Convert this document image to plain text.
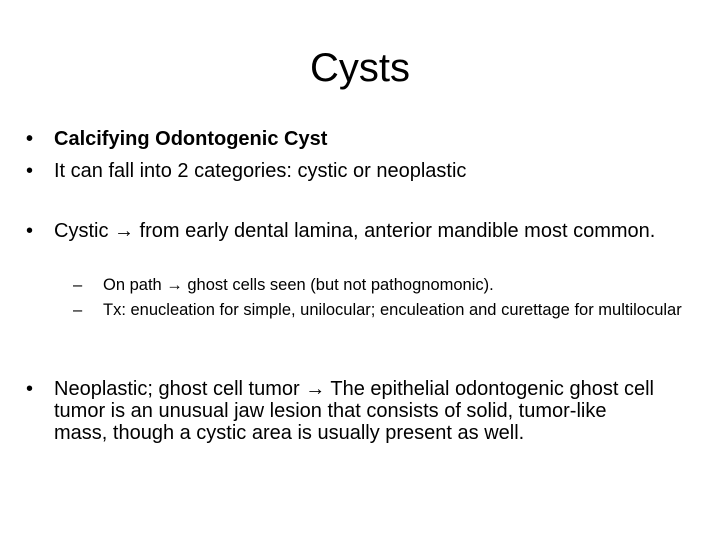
Cysts
• Calcifying Odontogenic Cyst
• It can fall into 2 categories: cystic or neoplastic
• Cystic → from early dental lamina, anterior mandible most common.
– On path → ghost cells seen (but not pathognomonic).
– Tx: enucleation for simple, unilocular; enculeation and curettage for multilocular
• Neoplastic; ghost cell tumor → The epithelial odontogenic ghost cell tumor is an unusual jaw lesion that consists of solid, tumor-like mass, though a cystic area is usually present as well.
